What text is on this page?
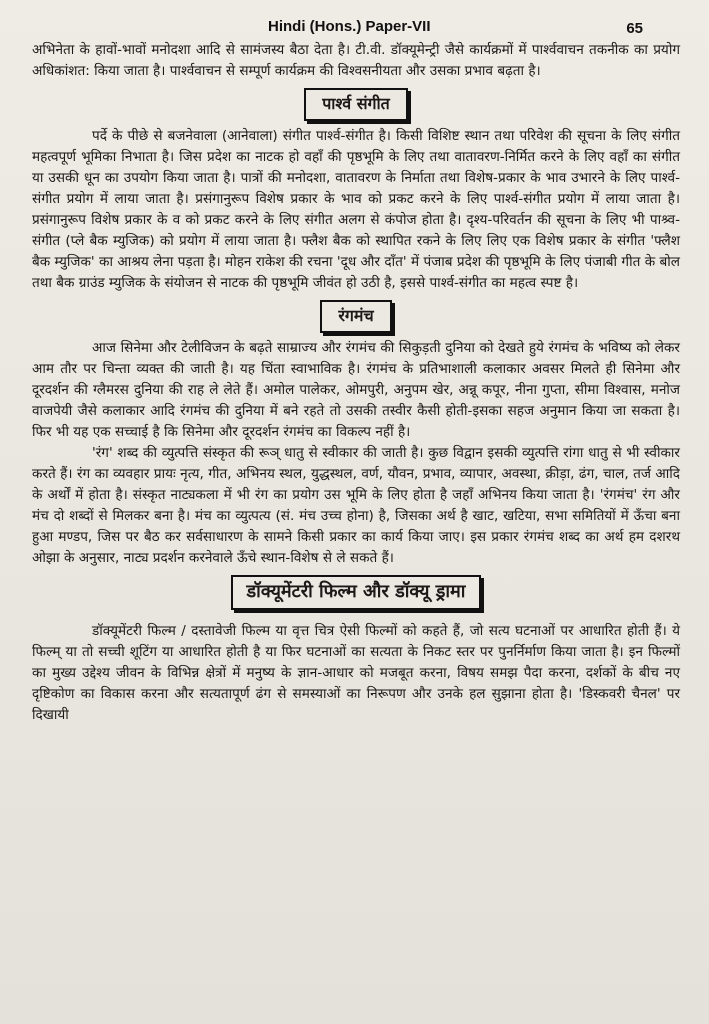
Hindi (Hons.) Paper-VII	65

अभिनेता के हावों-भावों मनोदशा आदि से सामंजस्य बैठा देता है। टी.वी. डॉक्यूमेन्ट्री जैसे कार्यक्रमों में पार्श्ववाचन तकनीक का प्रयोग अधिकांशत: किया जाता है। पार्श्ववाचन से सम्पूर्ण कार्यक्रम की विश्वसनीयता और उसका प्रभाव बढ़ता है।

पार्श्व संगीत

पर्दे के पीछे से बजनेवाला (आनेवाला) संगीत पार्श्व-संगीत है। किसी विशिष्ट स्थान तथा परिवेश की सूचना के लिए संगीत महत्वपूर्ण भूमिका निभाता है। जिस प्रदेश का नाटक हो वहाँ की पृष्ठभूमि के लिए तथा वातावरण-निर्मित करने के लिए वहाँ का संगीत या उसकी धून का उपयोग किया जाता है। पात्रों की मनोदशा, वातावरण के निर्माता तथा विशेष-प्रकार के भाव उभारने के लिए पार्श्व-संगीत प्रयोग में लाया जाता है। प्रसंगानुरूप विशेष प्रकार के भाव को प्रकट करने के लिए पार्श्व-संगीत प्रयोग में लाया जाता है। प्रसंगानुरूप विशेष प्रकार के व को प्रकट करने के लिए संगीत अलग से कंपोज होता है। दृश्य-परिवर्तन की सूचना के लिए भी पाश्र्व-संगीत (प्ले बैक म्युजिक) को प्रयोग में लाया जाता है। फ्लैश बैक को स्थापित रकने के लिए लिए एक विशेष प्रकार के संगीत 'फ्लैश बैक म्युजिक' का आश्रय लेना पड़ता है। मोहन राकेश की रचना 'दूध और दाँत' में पंजाब प्रदेश की पृष्ठभूमि के लिए पंजाबी गीत के बोल तथा बैक ग्राउंड म्युजिक के संयोजन से नाटक की पृष्ठभूमि जीवंत हो उठी है, इससे पार्श्व-संगीत का महत्व स्पष्ट है।

रंगमंच

आज सिनेमा और टेलीविजन के बढ़ते साम्राज्य और रंगमंच की सिकुड़ती दुनिया को देखते हुये रंगमंच के भविष्य को लेकर आम तौर पर चिन्ता व्यक्त की जाती है। यह चिंता स्वाभाविक है। रंगमंच के प्रतिभाशाली कलाकार अवसर मिलते ही सिनेमा और दूरदर्शन की ग्लैमरस दुनिया की राह ले लेते हैं। अमोल पालेकर, ओमपुरी, अनुपम खेर, अन्नू कपूर, नीना गुप्ता, सीमा विश्वास, मनोज वाजपेयी जैसे कलाकार आदि रंगमंच की दुनिया में बने रहते तो उसकी तस्वीर कैसी होती-इसका सहज अनुमान किया जा सकता है। फिर भी यह एक सच्चाई है कि सिनेमा और दूरदर्शन रंगमंच का विकल्प नहीं है।

'रंग' शब्द की व्युत्पत्ति संस्कृत की रूञ् धातु से स्वीकार की जाती है। कुछ विद्वान इसकी व्युत्पत्ति रांगा धातु से भी स्वीकार करते हैं। रंग का व्यवहार प्रायः नृत्य, गीत, अभिनय स्थल, युद्धस्थल, वर्ण, यौवन, प्रभाव, व्यापार, अवस्था, क्रीड़ा, ढंग, चाल, तर्ज आदि के अर्थों में होता है। संस्कृत नाट्यकला में भी रंग का प्रयोग उस भूमि के लिए होता है जहाँ अभिनय किया जाता है। 'रंगमंच' रंग और मंच दो शब्दों से मिलकर बना है। मंच का व्युत्पत्य (सं. मंच उच्च होना) है, जिसका अर्थ है खाट, खटिया, सभा समितियों में ऊँचा बना हुआ मण्डप, जिस पर बैठ कर सर्वसाधारण के सामने किसी प्रकार का कार्य किया जाए। इस प्रकार रंगमंच शब्द का अर्थ हम दशरथ ओझा के अनुसार, नाट्य प्रदर्शन करनेवाले ऊँचे स्थान-विशेष से ले सकते हैं।

डॉक्यूमेंटरी फिल्म और डॉक्यू ड्रामा

डॉक्यूमेंटरी फिल्म / दस्तावेजी फिल्म या वृत्त चित्र ऐसी फिल्मों को कहते हैं, जो सत्य घटनाओं पर आधारित होती हैं। ये फिल्म् या तो सच्ची शूटिंग या आधारित होती है या फिर घटनाओं का सत्यता के निकट स्तर पर पुनर्निर्माण किया जाता है। इन फिल्मों का मुख्य उद्देश्य जीवन के विभिन्न क्षेत्रों में मनुष्य के ज्ञान-आधार को मजबूत करना, विषय समझ पैदा करना, दर्शकों के बीच नए दृष्टिकोण का विकास करना और सत्यतापूर्ण ढंग से समस्याओं का निरूपण और उनके हल सुझाना होता है। 'डिस्कवरी चैनल' पर दिखायी
